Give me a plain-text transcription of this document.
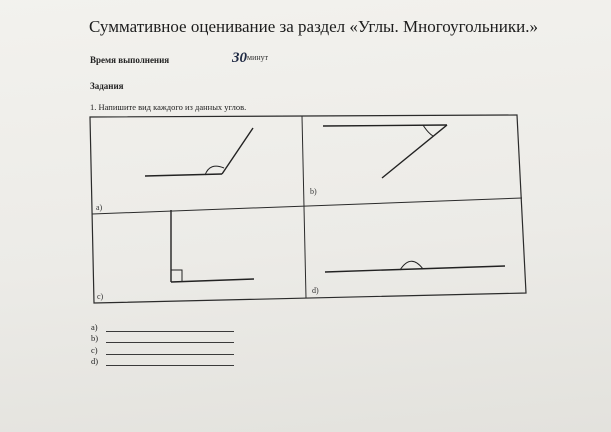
Суммативное оценивание за раздел «Углы. Многоугольники.»
Время выполнения	30 минут
Задания
1. Напишите вид каждого из данных углов.
a)
b)
c)
d)
a)
b)
c)
d)
